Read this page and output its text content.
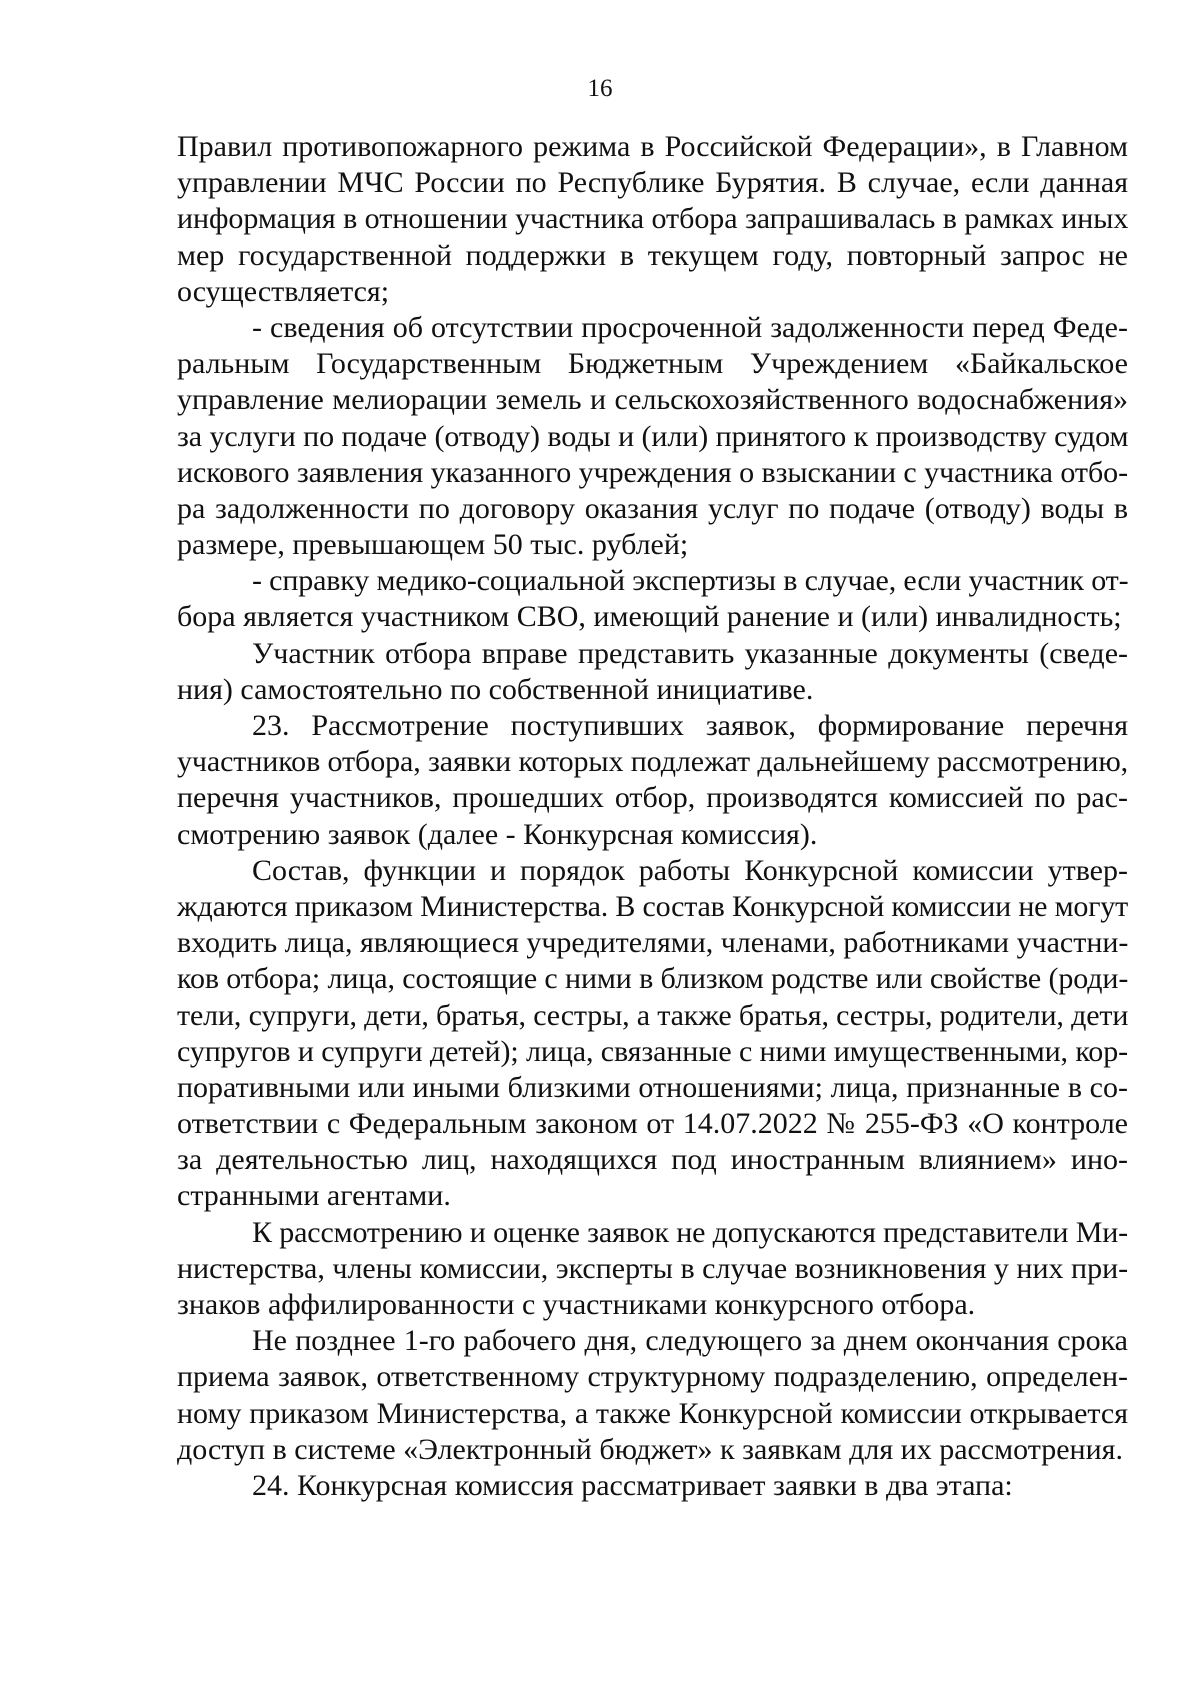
16
Правил противопожарного режима в Российской Федерации», в Главном
управлении МЧС России по Республике Бурятия. В случае, если данная
информация в отношении участника отбора запрашивалась в рамках иных
мер государственной поддержки в текущем году, повторный запрос не
осуществляется;
- сведения об отсутствии просроченной задолженности перед Феде-
ральным Государственным Бюджетным Учреждением «Байкальское
управление мелиорации земель и сельскохозяйственного водоснабжения»
за услуги по подаче (отводу) воды и (или) принятого к производству судом
искового заявления указанного учреждения о взыскании с участника отбо-
ра задолженности по договору оказания услуг по подаче (отводу) воды в
размере, превышающем 50 тыс. рублей;
- справку медико-социальной экспертизы в случае, если участник от-
бора является участником СВО, имеющий ранение и (или) инвалидность;
Участник отбора вправе представить указанные документы (сведе-
ния) самостоятельно по собственной инициативе.
23. Рассмотрение поступивших заявок, формирование перечня
участников отбора, заявки которых подлежат дальнейшему рассмотрению,
перечня участников, прошедших отбор, производятся комиссией по рас-
смотрению заявок (далее - Конкурсная комиссия).
Состав, функции и порядок работы Конкурсной комиссии утвер-
ждаются приказом Министерства. В состав Конкурсной комиссии не могут
входить лица, являющиеся учредителями, членами, работниками участни-
ков отбора; лица, состоящие с ними в близком родстве или свойстве (роди-
тели, супруги, дети, братья, сестры, а также братья, сестры, родители, дети
супругов и супруги детей); лица, связанные с ними имущественными, кор-
поративными или иными близкими отношениями; лица, признанные в со-
ответствии с Федеральным законом от 14.07.2022 № 255-ФЗ «О контроле
за деятельностью лиц, находящихся под иностранным влиянием» ино-
странными агентами.
К рассмотрению и оценке заявок не допускаются представители Ми-
нистерства, члены комиссии, эксперты в случае возникновения у них при-
знаков аффилированности с участниками конкурсного отбора.
Не позднее 1-го рабочего дня, следующего за днем окончания срока
приема заявок, ответственному структурному подразделению, определен-
ному приказом Министерства, а также Конкурсной комиссии открывается
доступ в системе «Электронный бюджет» к заявкам для их рассмотрения.
24. Конкурсная комиссия рассматривает заявки в два этапа:
